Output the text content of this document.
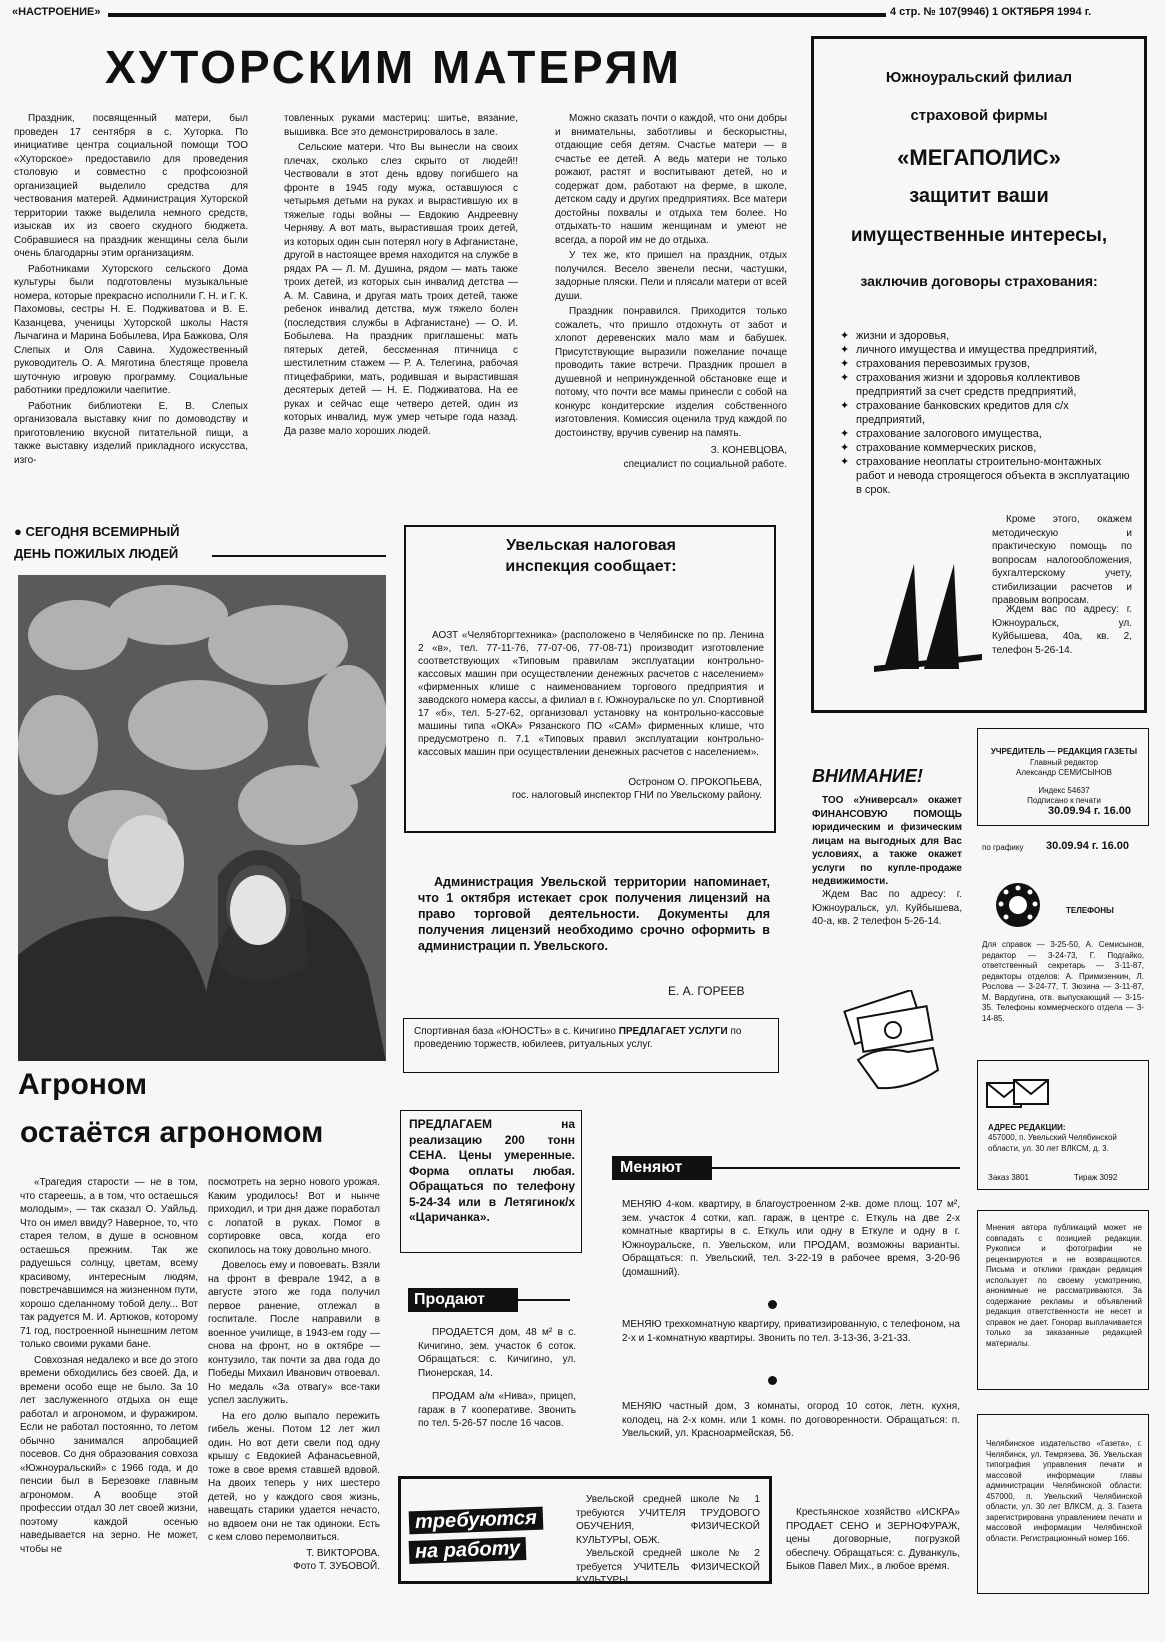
«НАСТРОЕНИЕ»	4 стр. № 107(9946) 1 ОКТЯБРЯ 1994 г.
ХУТОРСКИМ МАТЕРЯМ

Праздник, посвященный матери, был проведен 17 сентября в с. Хуторка. По инициативе центра социальной помощи ТОО «Хуторское» предоставило для проведения столовую и совместно с профсоюзной организацией выделило средства для чествования матерей. Администрация Хуторской территории также выделила немного средств, изыскав их из своего скудного бюджета. Собравшиеся на праздник женщины села были очень благодарны этим организациям.

Работниками Хуторского сельского Дома культуры были подготовлены музыкальные номера, которые прекрасно исполнили Г. Н. и Г. К. Пахомовы, сестры Н. Е. Подживатова и В. Е. Казанцева, ученицы Хуторской школы Настя Лычагина и Марина Бобылева, Ира Бажкова, Оля Слепых и Оля Савина. Художественный руководитель О. А. Мяготина блестяще провела шуточную игровую программу. Социальные работники предложили чаепитие.

Работник библиотеки Е. В. Слепых организовала выставку книг по домоводству и приготовлению вкусной питательной пищи, а также выставку изделий прикладного искусства, изго-

товленных руками мастериц: шитье, вязание, вышивка. Все это демонстрировалось в зале.

Сельские матери. Что Вы вынесли на своих плечах, сколько слез скрыто от людей!! Чествовали в этот день вдову погибшего на фронте в 1945 году мужа, оставшуюся с четырьмя детьми на руках и вырастившую их в тяжелые годы войны — Евдокию Андреевну Черняву. А вот мать, вырастившая троих детей, из которых один сын потерял ногу в Афганистане, другой в настоящее время находится на службе в рядах РА — Л. М. Душина, рядом — мать также троих детей, из которых сын инвалид детства — А. М. Савина, и другая мать троих детей, также ребенок инвалид детства, муж тяжело болен (последствия службы в Афганистане) — О. И. Бобылева. На праздник приглашены: мать пятерых детей, бессменная птичница с шестилетним стажем — Р. А. Телегина, рабочая птицефабрики, мать, родившая и вырастившая десятерых детей — Н. Е. Подживатова. На ее руках и сейчас еще четверо детей, один из которых инвалид, муж умер четыре года назад. Да разве мало хороших людей.

Можно сказать почти о каждой, что они добры и внимательны, заботливы и бескорыстны, отдающие себя детям. Счастье матери — в счастье ее детей. А ведь матери не только рожают, растят и воспитывают детей, но и содержат дом, работают на ферме, в школе, детском саду и других предприятиях. Все матери достойны похвалы и отдыха тем более. Но отдыхать-то нашим женщинам и умеют не всегда, а порой им не до отдыха.

У тех же, кто пришел на праздник, отдых получился. Весело звенели песни, частушки, задорные пляски. Пели и плясали матери от всей души.

Праздник понравился. Приходится только сожалеть, что пришло отдохнуть от забот и хлопот деревенских мало мам и бабушек. Присутствующие выразили пожелание почаще проводить такие встречи. Праздник прошел в душевной и непринужденной обстановке еще и потому, что почти все мамы принесли с собой на конкурс кондитерские изделия собственного изготовления. Комиссия оценила труд каждой по достоинству, вручив сувенир на память.

З. КОНЕВЦОВА,
специалист по социальной работе.
● СЕГОДНЯ ВСЕМИРНЫЙ
ДЕНЬ ПОЖИЛЫХ ЛЮДЕЙ
Агроном
остаётся агрономом

«Трагедия старости — не в том, что стареешь, а в том, что остаешься молодым», — так сказал О. Уайльд. Что он имел ввиду? Наверное, то, что старея телом, в душе в основном остаешься прежним. Так же радуешься солнцу, цветам, всему красивому, интересным людям, повстречавшимся на жизненном пути, хорошо сделанному тобой делу... Вот так радуется М. И. Артюков, которому 71 год, построенной нынешним летом только своими руками бане.

Совхозная недалеко и все до этого времени обходились без своей. Да, и времени особо еще не было. За 10 лет заслуженного отдыха он еще работал и агрономом, и фуражиром. Если не работал постоянно, то летом обычно занимался апробацией посевов. Со дня образования совхоза «Южноуральский» с 1966 года, и до пенсии был в Березовке главным агрономом. А вообще этой профессии отдал 30 лет своей жизни, поэтому каждой осенью наведывается на зерно. Не может, чтобы не

посмотреть на зерно нового урожая. Каким уродилось! Вот и нынче приходил, и три дня даже поработал с лопатой в руках. Помог в сортировке овса, когда его скопилось на току довольно много.

Довелось ему и повоевать. Взяли на фронт в феврале 1942, а в августе этого же года получил первое ранение, отлежал в госпитале. После направили в военное училище, в 1943-ем году — снова на фронт, но в октябре — контузило, так почти за два года до Победы Михаил Иванович отвоевал. Но медаль «За отвагу» все-таки успел заслужить.

На его долю выпало пережить гибель жены. Потом 12 лет жил один. Но вот дети свели под одну крышу с Евдокией Афанасьевной, тоже в свое время ставшей вдовой. На двоих теперь у них шестеро детей, но у каждого своя жизнь, навещать старики удается нечасто, но вдвоем они не так одиноки. Есть с кем слово перемолвиться.

Т. ВИКТОРОВА.
Фото Т. ЗУБОВОЙ.
Увельская налоговая инспекция сообщает:
АОЗТ «Челябторгтехника» (расположено в Челябинске по пр. Ленина 2 «в», тел. 77-11-76, 77-07-06, 77-08-71) производит изготовление соответствующих «Типовым правилам эксплуатации контрольно-кассовых машин при осуществлении денежных расчетов с населением» «фирменных клише с наименованием торгового предприятия и заводского номера кассы, а филиал в г. Южноуральске по ул. Спортивной 17 «б», тел. 5-27-62, организовал установку на контрольно-кассовые машины типа «ОКА» Рязанского ПО «САМ» фирменных клише, что предусмотрено п. 7.1 «Типовых правил эксплуатации контрольно-кассовых машин при осуществлении денежных расчетов с населением».
Остроном О. ПРОКОПЬЕВА,
гос. налоговый инспектор ГНИ по Увельскому району.
Администрация Увельской территории напоминает, что 1 октября истекает срок получения лицензий на право торговой деятельности. Документы для получения лицензий необходимо срочно оформить в администрации п. Увельского.
Е. А. ГОРЕЕВ
Спортивная база «ЮНОСТЬ» в с. Кичигино ПРЕДЛАГАЕТ УСЛУГИ по проведению торжеств, юбилеев, ритуальных услуг.
ПРЕДЛАГАЕМ на реализацию 200 тонн СЕНА. Цены умеренные. Форма оплаты любая. Обращаться по телефону 5-24-34 или в Летягинок/х «Царичанка».
Продают

ПРОДАЕТСЯ дом, 48 м² в с. Кичигино, зем. участок 6 соток. Обращаться: с. Кичигино, ул. Пионерская, 14.

ПРОДАМ а/м «Нива», прицеп, гараж в 7 кооперативе. Звонить по тел. 5-26-57 после 16 часов.

Меняют
МЕНЯЮ 4-ком. квартиру, в благоустроенном 2-кв. доме площ. 107 м², зем. участок 4 сотки, кап. гараж, в центре с. Еткуль на две 2-х комнатные квартиры в с. Еткуль или одну в Еткуле и одну в г. Южноуральске, п. Увельском, или ПРОДАМ, возможны варианты. Обращаться: п. Увельский, тел. 3-22-19 в рабочее время, 3-20-96 (домашний).
МЕНЯЮ трехкомнатную квартиру, приватизированную, с телефоном, на 2-х и 1-комнатную квартиры. Звонить по тел. 3-13-36, 3-21-33.
МЕНЯЮ частный дом, 3 комнаты, огород 10 соток, летн. кухня, колодец, на 2-х комн. или 1 комн. по договоренности. Обращаться: п. Увельский, ул. Красноармейская, 56.
требуются
на работу
Увельской средней школе № 1 требуются УЧИТЕЛЯ ТРУДОВОГО ОБУЧЕНИЯ, ФИЗИЧЕСКОЙ КУЛЬТУРЫ, ОБЖ.
Увельской средней школе № 2 требуется УЧИТЕЛЬ ФИЗИЧЕСКОЙ КУЛЬТУРЫ.
Крестьянское хозяйство «ИСКРА» ПРОДАЕТ СЕНО и ЗЕРНОФУРАЖ, цены договорные, погрузкой обеспечу. Обращаться: с. Дуванкуль, Быков Павел Мих., в любое время.
Южноуральский филиал
страховой фирмы
«МЕГАПОЛИС»
защитит ваши
имущественные интересы,
заключив договоры страхования:
✦ жизни и здоровья,
✦ личного имущества и имущества предприятий,
✦ страхования перевозимых грузов,
✦ страхования жизни и здоровья коллективов предприятий за счет средств предприятий,
✦ страхование банковских кредитов для с/х предприятий,
✦ страхование залогового имущества,
✦ страхование коммерческих рисков,
✦ страхование неоплаты строительно-монтажных работ и невода строящегося объекта в эксплуатацию в срок.
Кроме этого, окажем методическую и практическую помощь по вопросам налогообложения, бухгалтерскому учету, стибилизации расчетов и правовым вопросам.
Ждем вас по адресу: г. Южноуральск, ул. Куйбышева, 40а, кв. 2, телефон 5-26-14.
ВНИМАНИЕ!
ТОО «Универсал» окажет ФИНАНСОВУЮ ПОМОЩЬ юридическим и физическим лицам на выгодных для Вас условиях, а также окажет услуги по купле-продаже недвижимости.
Ждем Вас по адресу: г. Южноуральск, ул. Куйбышева, 40-а, кв. 2 телефон 5-26-14.
УЧРЕДИТЕЛЬ — РЕДАКЦИЯ ГАЗЕТЫ
Главный редактор
Александр СЕМИСЫНОВ
Индекс 54637
Подписано к печати
30.09.94 г. 16.00
по графику 30.09.94 г. 16.00
ТЕЛЕФОНЫ
Для справок — 3-25-50, А. Семисынов, редактор — 3-24-73, Г. Подгайко, ответственный секретарь — 3-11-87, редакторы отделов: А. Примизенкин, Л. Рослова — 3-24-77, Т. Зюзина — 3-11-87, М. Вардугина, отв. выпускающий — 3-15-35. Телефоны коммерческого отдела — 3-14-85.
АДРЕС РЕДАКЦИИ:
457000, п. Увельский Челябинской области, ул. 30 лет ВЛКСМ, д. 3.
Заказ 3801	Тираж 3092
Мнения автора публикаций может не совпадать с позицией редакции. Рукописи и фотографии не рецензируются и не возвращаются. Письма и отклики граждан редакция использует по своему усмотрению, анонимные не рассматриваются. За содержание рекламы и объявлений редакция ответственности не несет и справок не дает. Гонорар выплачивается только за заказанные редакцией материалы.
Челябинское издательство «Газета», г. Челябинск, ул. Темрязева, 36. Увельская типография управления печати и массовой информации главы администрации Челябинской области: 457000, п. Увельский Челябинской области, ул. 30 лет ВЛКСМ, д. 3. Газета зарегистрирована управлением печати и массовой информации Челябинской области. Регистрационный номер 166.
